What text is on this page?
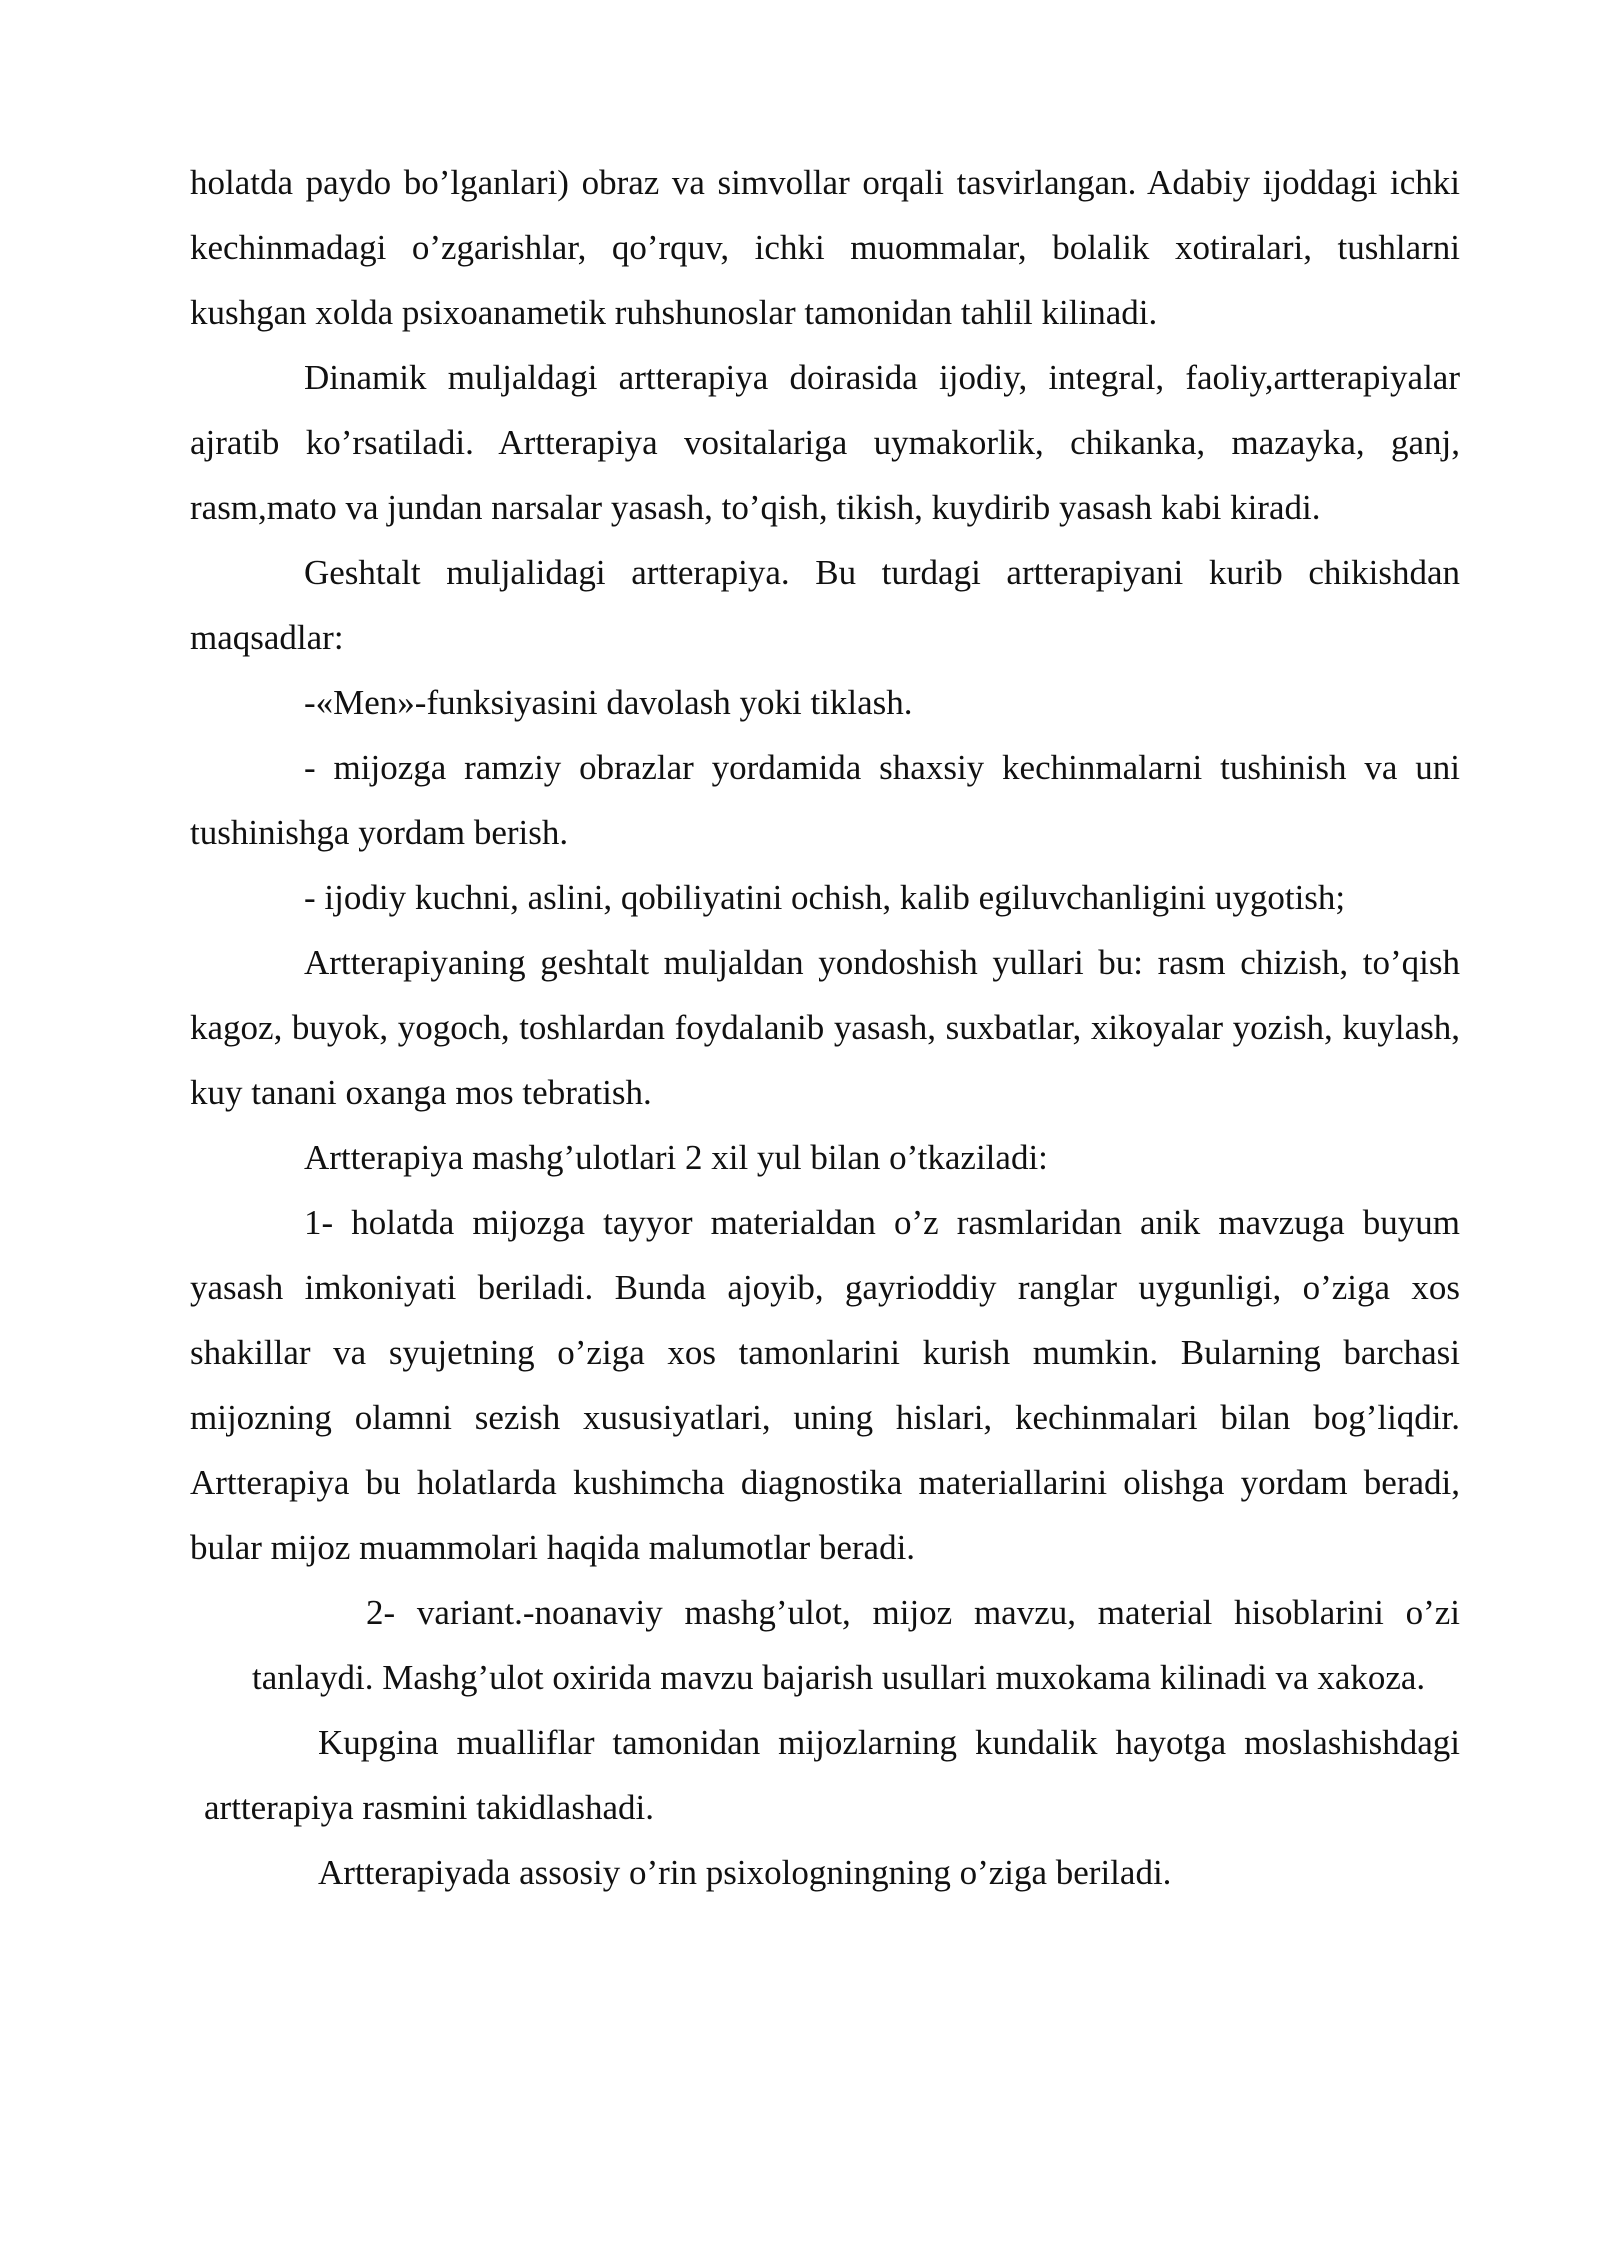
holatda paydo bo’lganlari) obraz va simvollar orqali tasvirlangan. Adabiy ijoddagi ichki kechinmadagi o’zgarishlar, qo’rquv, ichki muommalar, bolalik xotiralari, tushlarni kushgan xolda psixoanametik ruhshunoslar tamonidan tahlil kilinadi.

Dinamik muljaldagi artterapiya doirasida ijodiy, integral, faoliy,artterapiyalar ajratib ko’rsatiladi. Artterapiya vositalariga uymakorlik, chikanka, mazayka, ganj, rasm,mato va jundan narsalar yasash, to’qish, tikish, kuydirib yasash kabi kiradi.

Geshtalt muljalidagi artterapiya. Bu turdagi artterapiyani kurib chikishdan maqsadlar:

-«Men»-funksiyasini davolash yoki tiklash.

- mijozga ramziy obrazlar yordamida shaxsiy kechinmalarni tushinish va uni tushinishga yordam berish.

- ijodiy kuchni, aslini, qobiliyatini ochish, kalib egiluvchanligini uygotish;

Artterapiyaning geshtalt muljaldan yondoshish yullari bu: rasm chizish, to’qish kagoz, buyok, yogoch, toshlardan foydalanib yasash, suxbatlar, xikoyalar yozish, kuylash, kuy tanani oxanga mos tebratish.

Artterapiya mashg’ulotlari 2 xil yul bilan o’tkaziladi:

1- holatda mijozga tayyor materialdan o’z rasmlaridan anik mavzuga buyum yasash imkoniyati beriladi. Bunda ajoyib, gayrioddiy ranglar uygunligi, o’ziga xos shakillar va syujetning o’ziga xos tamonlarini kurish mumkin. Bularning barchasi mijozning olamni sezish xususiyatlari, uning hislari, kechinmalari bilan bog’liqdir. Artterapiya bu holatlarda kushimcha diagnostika materiallarini olishga yordam beradi, bular mijoz muammolari haqida malumotlar beradi.

2- variant.-noanaviy mashg’ulot, mijoz mavzu, material hisoblarini o’zi tanlaydi. Mashg’ulot oxirida mavzu bajarish usullari muxokama kilinadi va xakoza.

Kupgina mualliflar tamonidan mijozlarning kundalik hayotga moslashishdagi artterapiya rasmini takidlashadi.

Artterapiyada assosiy o’rin psixologningning o’ziga beriladi.
